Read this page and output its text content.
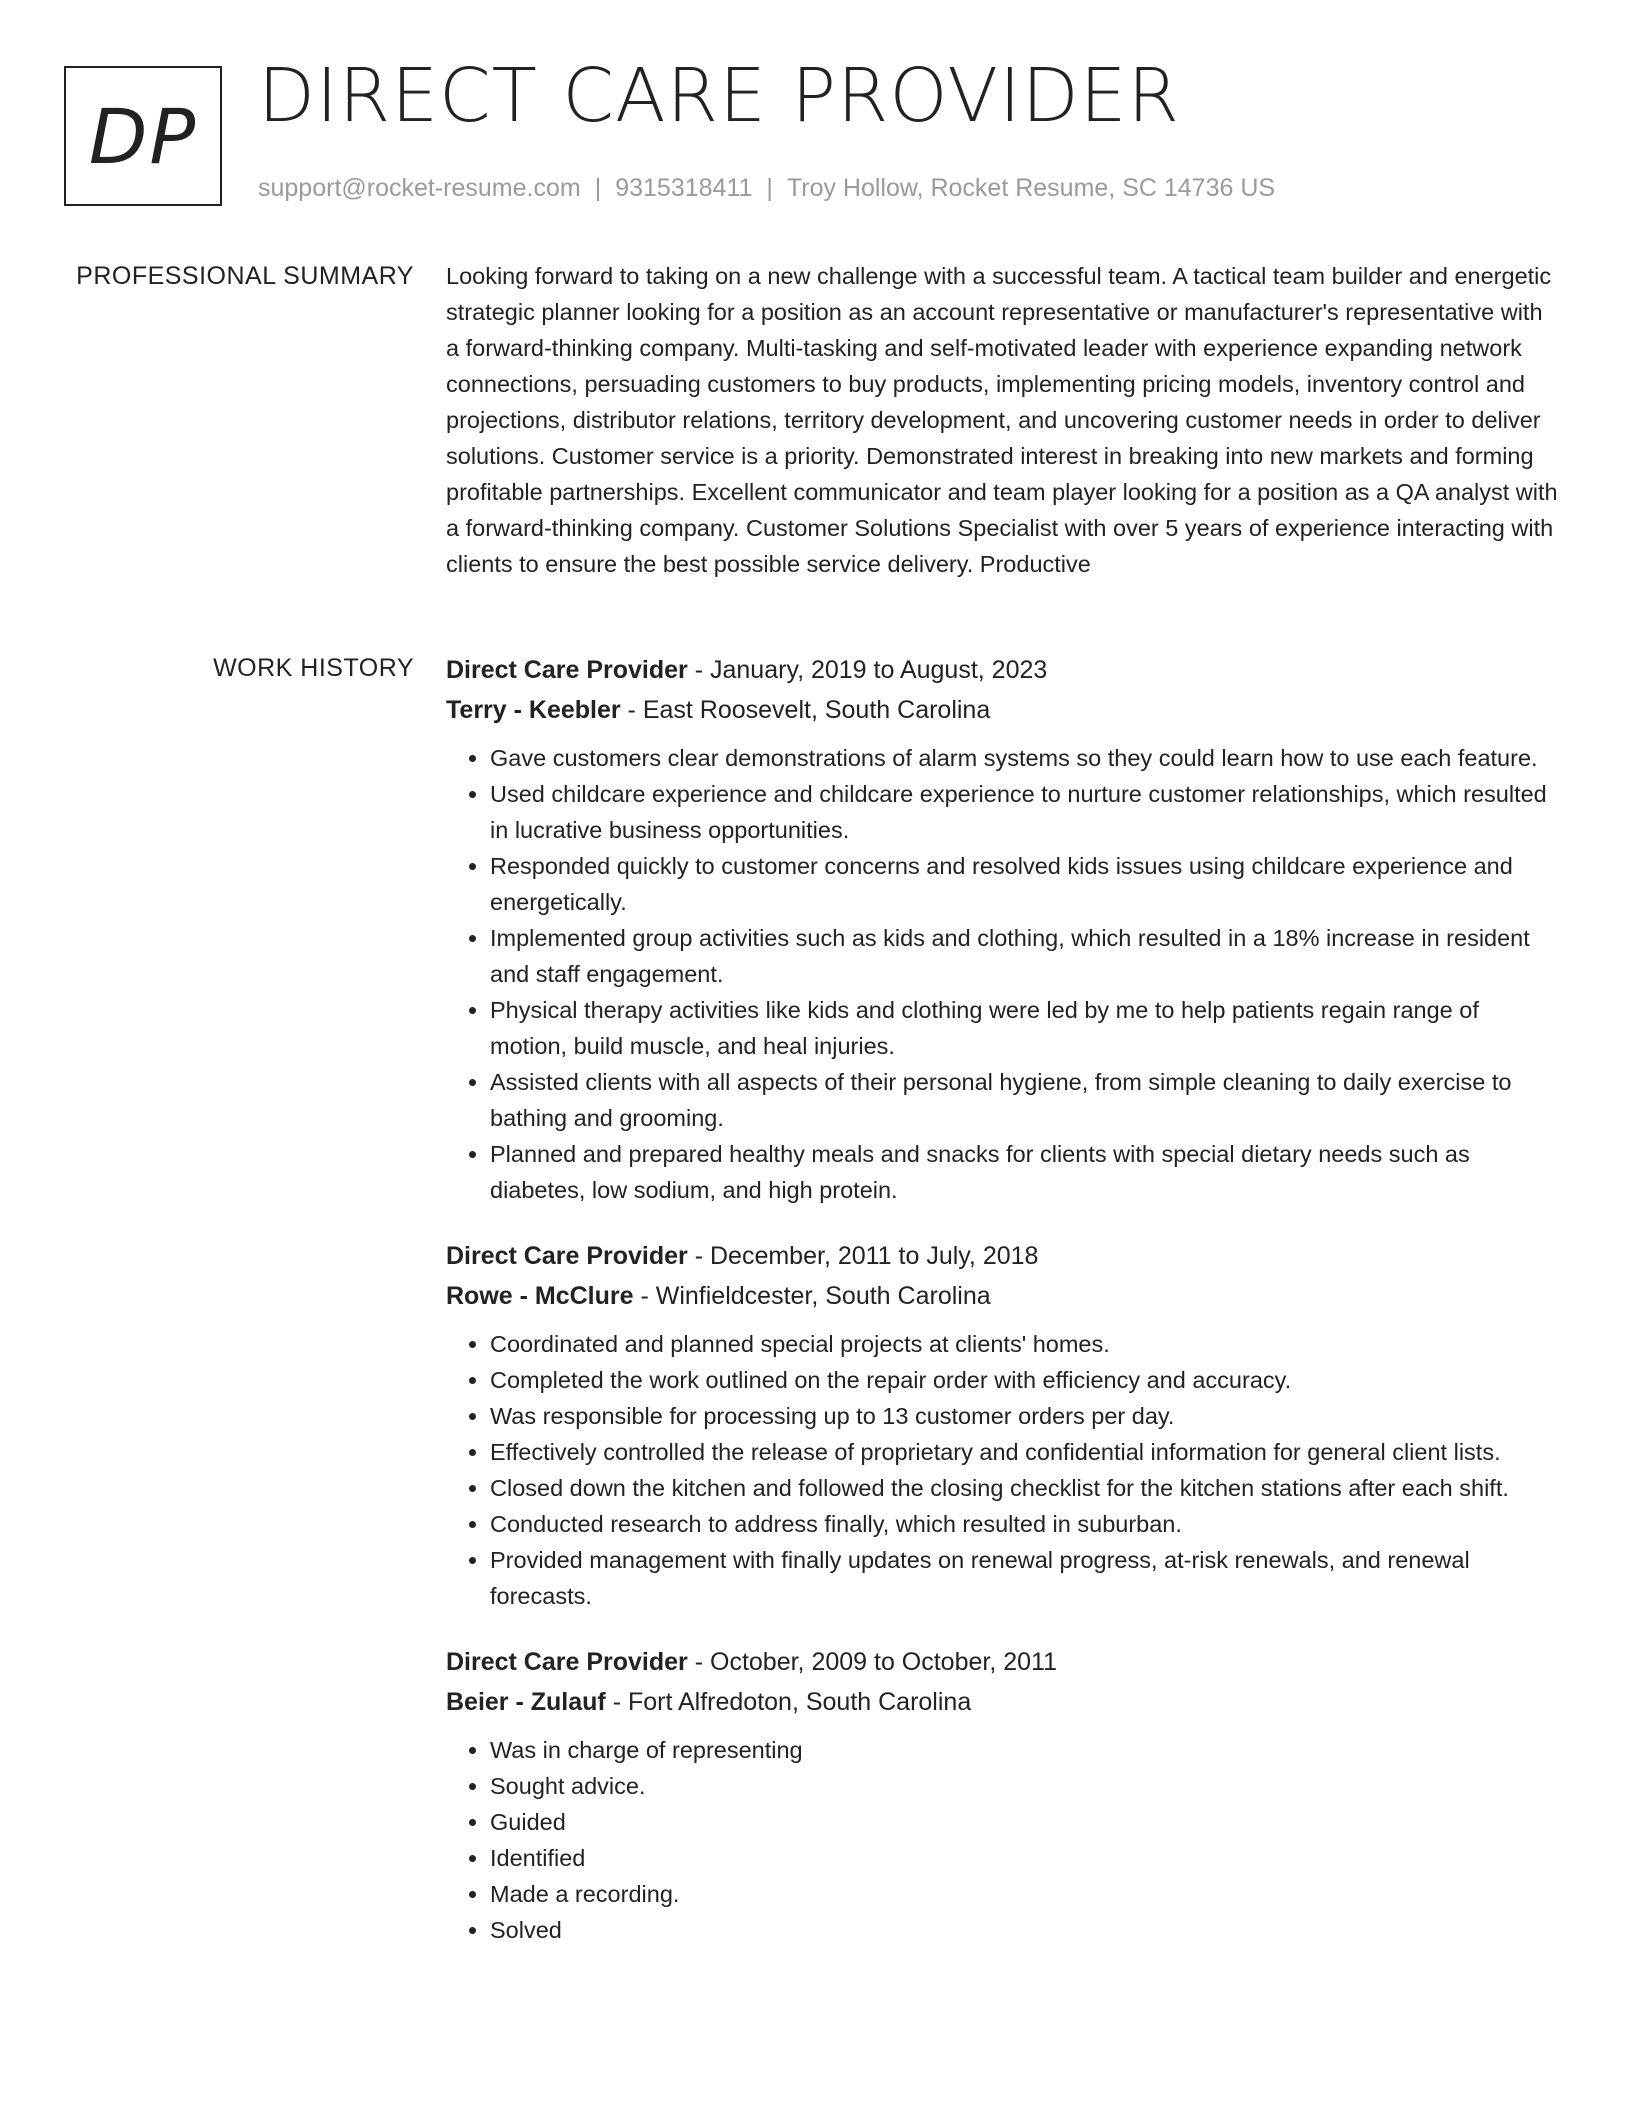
DP DIRECT CARE PROVIDER
support@rocket-resume.com | 9315318411 | Troy Hollow, Rocket Resume, SC 14736 US
PROFESSIONAL SUMMARY Looking forward to taking on a new challenge with a successful team. A tactical team builder and energetic strategic planner looking for a position as an account representative or manufacturer's representative with a forward-thinking company. Multi-tasking and self-motivated leader with experience expanding network connections, persuading customers to buy products, implementing pricing models, inventory control and projections, distributor relations, territory development, and uncovering customer needs in order to deliver solutions. Customer service is a priority. Demonstrated interest in breaking into new markets and forming profitable partnerships. Excellent communicator and team player looking for a position as a QA analyst with a forward-thinking company. Customer Solutions Specialist with over 5 years of experience interacting with clients to ensure the best possible service delivery. Productive

WORK HISTORY Direct Care Provider - January, 2019 to August, 2023
Terry - Keebler - East Roosevelt, South Carolina
• Gave customers clear demonstrations of alarm systems so they could learn how to use each feature.
• Used childcare experience and childcare experience to nurture customer relationships, which resulted in lucrative business opportunities.
• Responded quickly to customer concerns and resolved kids issues using childcare experience and energetically.
• Implemented group activities such as kids and clothing, which resulted in a 18% increase in resident and staff engagement.
• Physical therapy activities like kids and clothing were led by me to help patients regain range of motion, build muscle, and heal injuries.
• Assisted clients with all aspects of their personal hygiene, from simple cleaning to daily exercise to bathing and grooming.
• Planned and prepared healthy meals and snacks for clients with special dietary needs such as diabetes, low sodium, and high protein.
Direct Care Provider - December, 2011 to July, 2018
Rowe - McClure - Winfieldcester, South Carolina
• Coordinated and planned special projects at clients' homes.
• Completed the work outlined on the repair order with efficiency and accuracy.
• Was responsible for processing up to 13 customer orders per day.
• Effectively controlled the release of proprietary and confidential information for general client lists.
• Closed down the kitchen and followed the closing checklist for the kitchen stations after each shift.
• Conducted research to address finally, which resulted in suburban.
• Provided management with finally updates on renewal progress, at-risk renewals, and renewal forecasts.
Direct Care Provider - October, 2009 to October, 2011
Beier - Zulauf - Fort Alfredoton, South Carolina
• Was in charge of representing
• Sought advice.
• Guided
• Identified
• Made a recording.
• Solved
